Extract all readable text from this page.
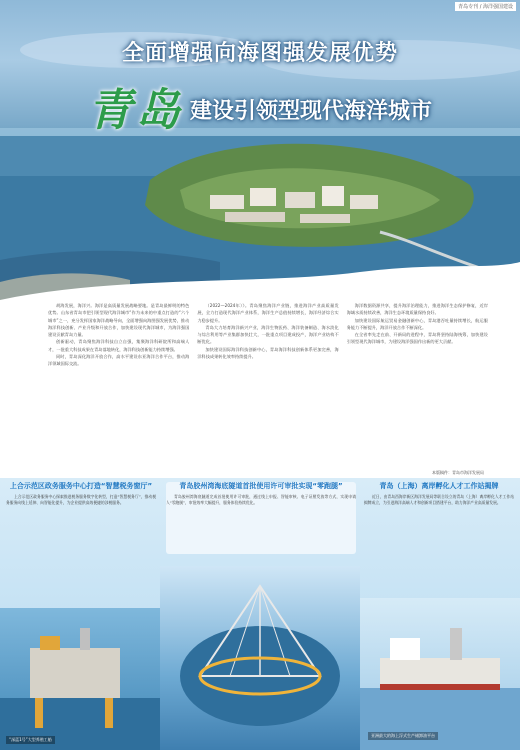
全面增强向海图强发展优势
青岛 建设引领型现代海洋城市
青岛专刊 / 海洋强国建设

胡海发展，海洋兴。海洋是高质量发展战略要地。是青岛最鲜明的特色优势。山东省青岛市把引领型现代海洋城市“作为未来的中重点打造的“六个城市”之一，充分发挥国家海洋战略导向，全面增强向海图强发展优势，推动海洋科技创新、产业升级和开放合作，加快建设现代海洋城市，为海洋强国建设贡献青岛力量。

创新驱动，青岛聚焦海洋科技自立自强，集聚海洋科研院所和高端人才，一批重大科技成果在青岛落地转化，海洋科技创新能力持续增强。

同时，青岛深化海洋开放合作，高水平建设东亚海洋合作平台，推动海洋领域国际交流。

（2022—2024年）》。青岛聚焦海洋产业链，推进海洋产业高质量发展，全力打造现代海洋产业体系，海洋生产总值持续增长，海洋经济综合实力稳步提升。

青岛大力培育海洋新兴产业，海洋生物医药、海洋装备制造、海水淡化与综合利用等产业集群加快壮大，一批重点项目建成投产，海洋产业结构不断优化。

加快建设国际海洋科技创新中心，青岛海洋科技创新体系更加完善，海洋科技成果转化效率持续提升。

海洋数据资源共享，提升海洋治理能力，推进海洋生态保护修复，近岸海域水质持续改善，海洋生态环境质量保持良好。

加快建设国际航运贸易金融创新中心，青岛港吞吐量持续增长，航运服务能力不断提升，海洋开放合作不断深化。

在全省率先走在前、开新局的进程中，青岛将坚持陆海统筹，加快建设引领型现代海洋城市，为建设海洋强国作出新的更大贡献。

本版稿件：青岛市海洋发展局
上合示范区政务服务中心打造“智慧税务窗厅”
上合示范区政务服务中心探索推进税务服务数字化转型，打造“智慧税务厅”，推动税务服务向线上延伸、向智能化提升，为企业提供高效便捷的涉税服务。
青岛胶州湾海底隧道首批使用许可审批实现“零跑腿”
青岛胶州湾海底隧道完成首批使用许可审批，通过线上申报、智能审核、电子证照发放等方式，实现申请人“零跑腿”，审批效率大幅提升，服务体验持续优化。
青岛（上海）离岸孵化人才工作站揭牌
近日，由青岛西海岸新区海洋发展局等联合设立的青岛（上海）离岸孵化人才工作站揭牌成立，为引进海洋高端人才和创新项目搭建平台，助力海洋产业高质量发展。
“深蓝1号”大型养殖工船
亚洲最大的海上浮式生产储卸油平台
